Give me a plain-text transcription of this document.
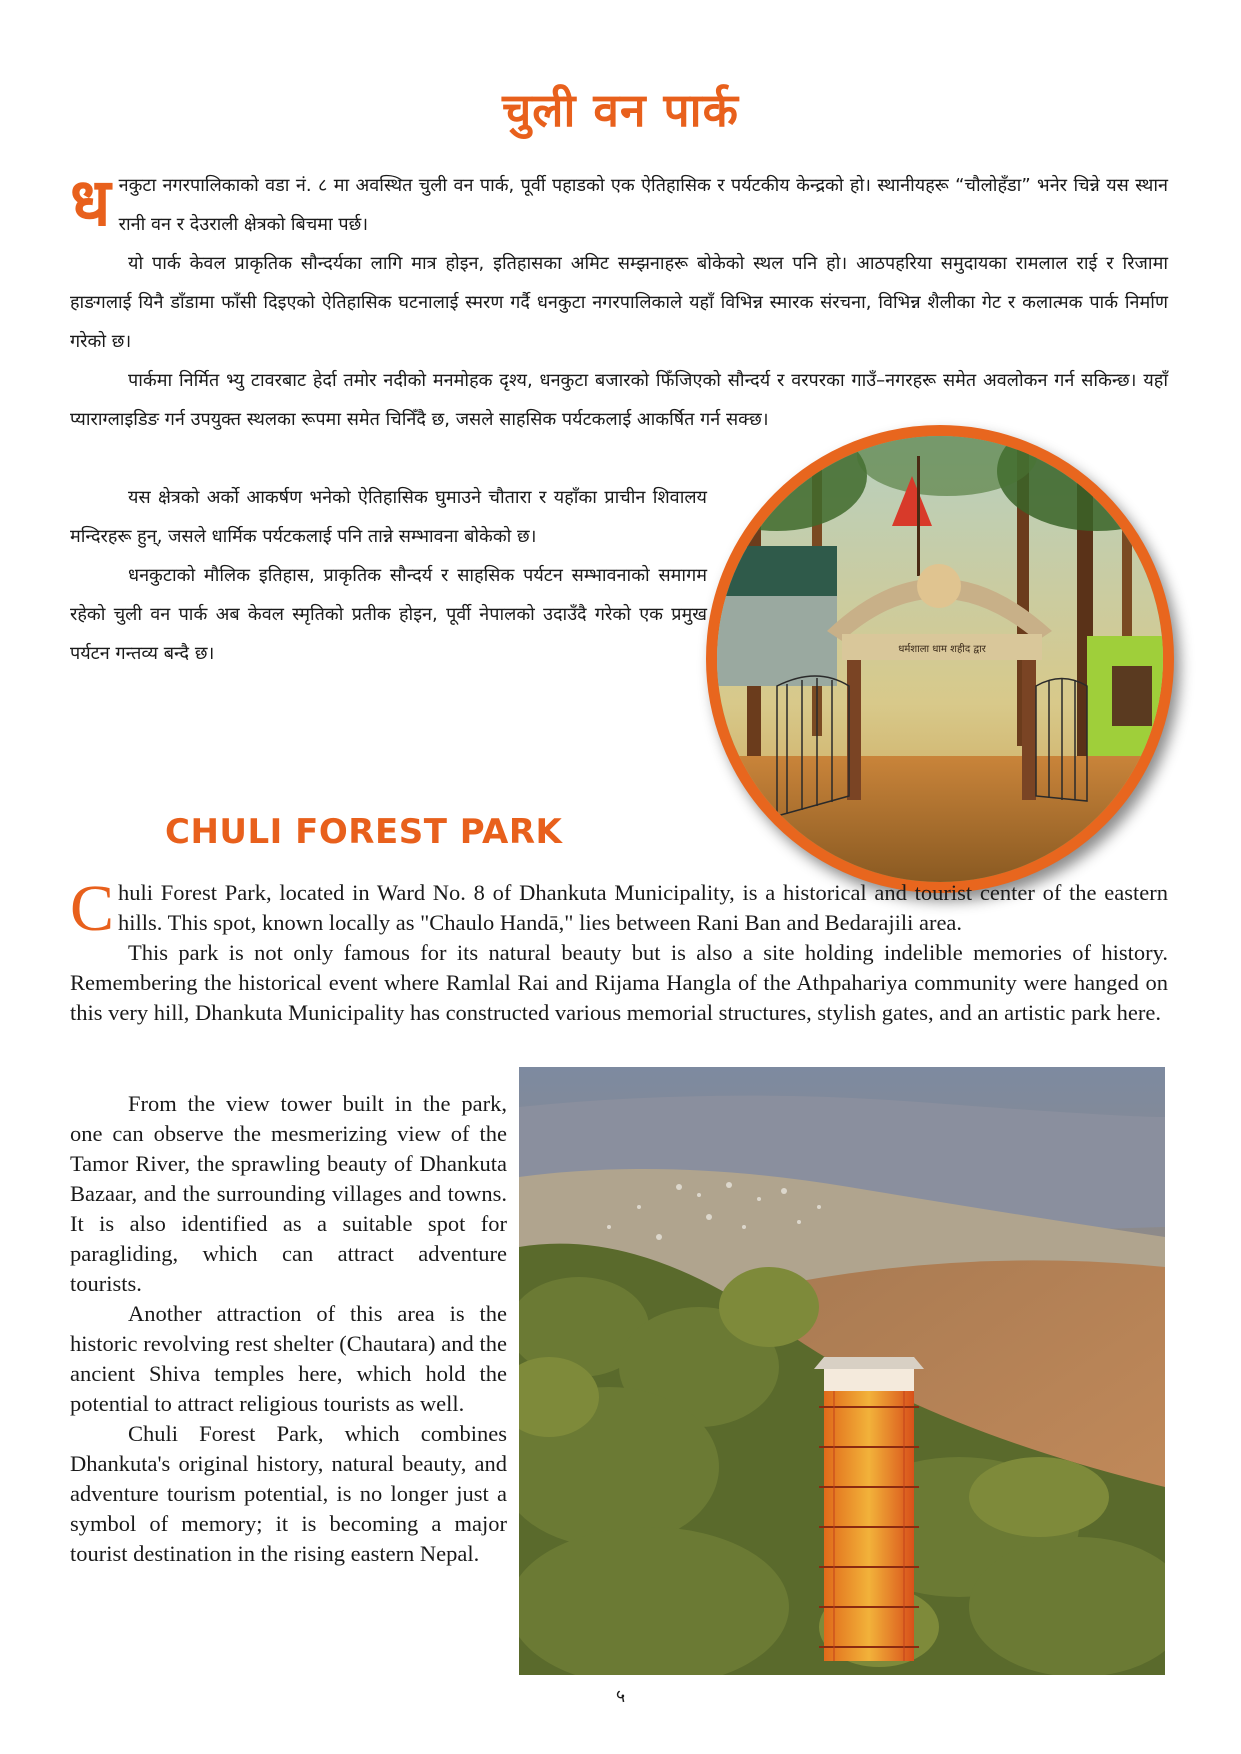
चुली वन पार्क

धनकुटा नगरपालिकाको वडा नं. ८ मा अवस्थित चुली वन पार्क, पूर्वी पहाडको एक ऐतिहासिक र पर्यटकीय केन्द्रको हो। स्थानीयहरू “चौलोहँडा” भनेर चिन्ने यस स्थान रानी वन र देउराली क्षेत्रको बिचमा पर्छ।

यो पार्क केवल प्राकृतिक सौन्दर्यका लागि मात्र होइन, इतिहासका अमिट सम्झनाहरू बोकेको स्थल पनि हो। आठपहरिया समुदायका रामलाल राई र रिजामा हाङगलाई यिनै डाँडामा फाँसी दिइएको ऐतिहासिक घटनालाई स्मरण गर्दै धनकुटा नगरपालिकाले यहाँ विभिन्न स्मारक संरचना, विभिन्न शैलीका गेट र कलात्मक पार्क निर्माण गरेको छ।

पार्कमा निर्मित भ्यु टावरबाट हेर्दा तमोर नदीको मनमोहक दृश्य, धनकुटा बजारको फिँजिएको सौन्दर्य र वरपरका गाउँ–नगरहरू समेत अवलोकन गर्न सकिन्छ। यहाँ प्याराग्लाइडिङ गर्न उपयुक्त स्थलका रूपमा समेत चिनिँदै छ, जसले साहसिक पर्यटकलाई आकर्षित गर्न सक्छ।

यस क्षेत्रको अर्को आकर्षण भनेको ऐतिहासिक घुमाउने चौतारा र यहाँका प्राचीन शिवालय मन्दिरहरू हुन्, जसले धार्मिक पर्यटकलाई पनि तान्ने सम्भावना बोकेको छ।

धनकुटाको मौलिक इतिहास, प्राकृतिक सौन्दर्य र साहसिक पर्यटन सम्भावनाको समागम रहेको चुली वन पार्क अब केवल स्मृतिको प्रतीक होइन, पूर्वी नेपालको उदाउँदै गरेको एक प्रमुख पर्यटन गन्तव्य बन्दै छ।	धर्मशाला धाम शहीद द्वार
CHULI FOREST PARK

Chuli Forest Park, located in Ward No. 8 of Dhankuta Municipality, is a historical and tourist center of the eastern hills. This spot, known locally as "Chaulo Handā," lies between Rani Ban and Bedarajili area.

This park is not only famous for its natural beauty but is also a site holding indelible memories of history. Remembering the historical event where Ramlal Rai and Rijama Hangla of the Athpahariya community were hanged on this very hill, Dhankuta Municipality has constructed various memorial structures, stylish gates, and an artistic park here.

From the view tower built in the park, one can observe the mesmerizing view of the Tamor River, the sprawling beauty of Dhankuta Bazaar, and the surrounding villages and towns. It is also identified as a suitable spot for paragliding, which can attract adventure tourists.

Another attraction of this area is the historic revolving rest shelter (Chautara) and the ancient Shiva temples here, which hold the potential to attract religious tourists as well.

Chuli Forest Park, which combines Dhankuta's original history, natural beauty, and adventure tourism potential, is no longer just a symbol of memory; it is becoming a major tourist destination in the rising eastern Nepal.

५
